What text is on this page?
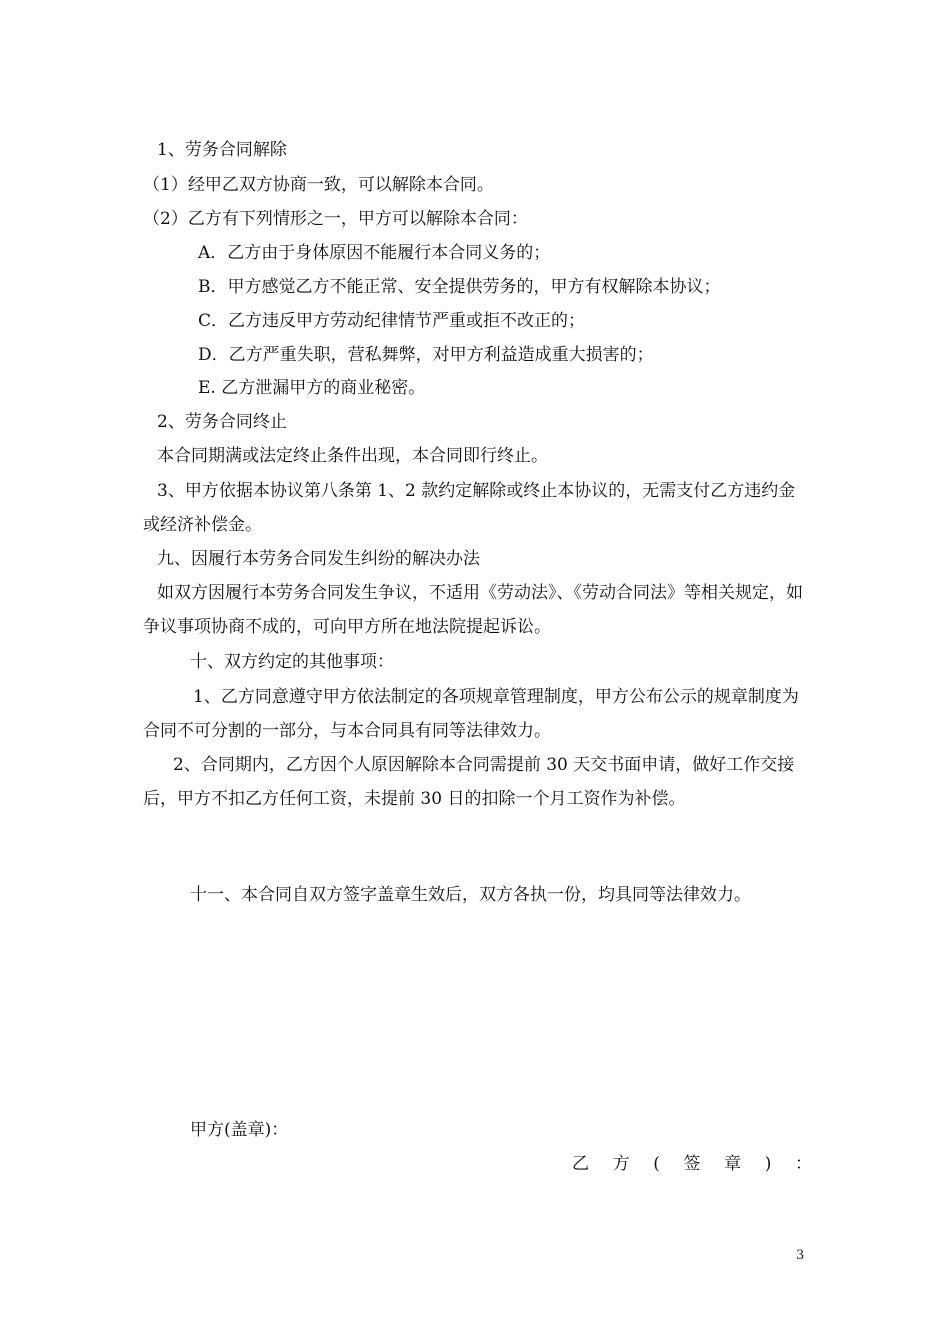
1、劳务合同解除
（1）经甲乙双方协商一致，可以解除本合同。
（2）乙方有下列情形之一，甲方可以解除本合同：
A．乙方由于身体原因不能履行本合同义务的；
B．甲方感觉乙方不能正常、安全提供劳务的，甲方有权解除本协议；
C．乙方违反甲方劳动纪律情节严重或拒不改正的；
D．乙方严重失职，营私舞弊，对甲方利益造成重大损害的；
E. 乙方泄漏甲方的商业秘密。
2、劳务合同终止
本合同期满或法定终止条件出现，本合同即行终止。
3、甲方依据本协议第八条第 1、2 款约定解除或终止本协议的，无需支付乙方违约金或经济补偿金。
九、因履行本劳务合同发生纠纷的解决办法
如双方因履行本劳务合同发生争议，不适用《劳动法》、《劳动合同法》等相关规定，如争议事项协商不成的，可向甲方所在地法院提起诉讼。
十、双方约定的其他事项：
1、乙方同意遵守甲方依法制定的各项规章管理制度，甲方公布公示的规章制度为合同不可分割的一部分，与本合同具有同等法律效力。
2、合同期内，乙方因个人原因解除本合同需提前 30 天交书面申请，做好工作交接后，甲方不扣乙方任何工资，未提前 30 日的扣除一个月工资作为补偿。
十一、本合同自双方签字盖章生效后，双方各执一份，均具同等法律效力。
甲方(盖章)：
乙 方 ( 签 章 ) ：
3
